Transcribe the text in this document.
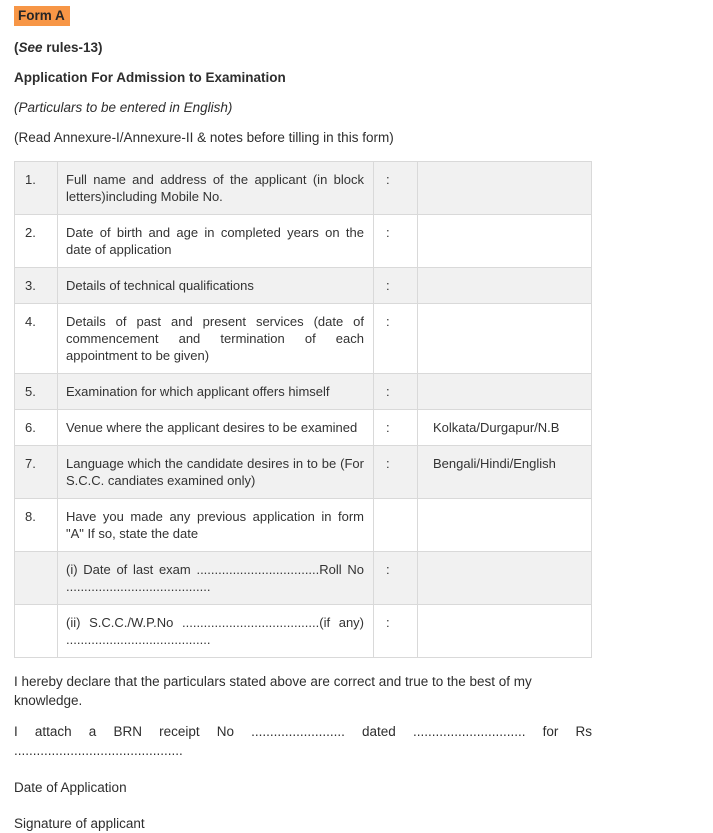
Form A

(See rules-13)

Application For Admission to Examination

(Particulars to be entered in English)

(Read Annexure-I/Annexure-II & notes before tilling in this form)

1.	Full name and address of the applicant (in block letters)including Mobile No.	:	
2.	Date of birth and age in completed years on the date of application	:	
3.	Details of technical qualifications	:	
4.	Details of past and present services (date of commencement and termination of each appointment to be given)	:	
5.	Examination for which applicant offers himself	:	
6.	Venue where the applicant desires to be examined	:	Kolkata/Durgapur/N.B
7.	Language which the candidate desires in to be (For S.C.C. candiates examined only)	:	Bengali/Hindi/English
8.	Have you made any previous application in form "A" If so, state the date		
	(i) Date of last exam ..................................Roll No ........................................	:	
	(ii) S.C.C./W.P.No ......................................(if any) ........................................	:	

I hereby declare that the particulars stated above are correct and true to the best of my knowledge.

I attach a BRN receipt No ......................... dated .............................. for Rs .............................................

Date of Application

Signature of applicant
